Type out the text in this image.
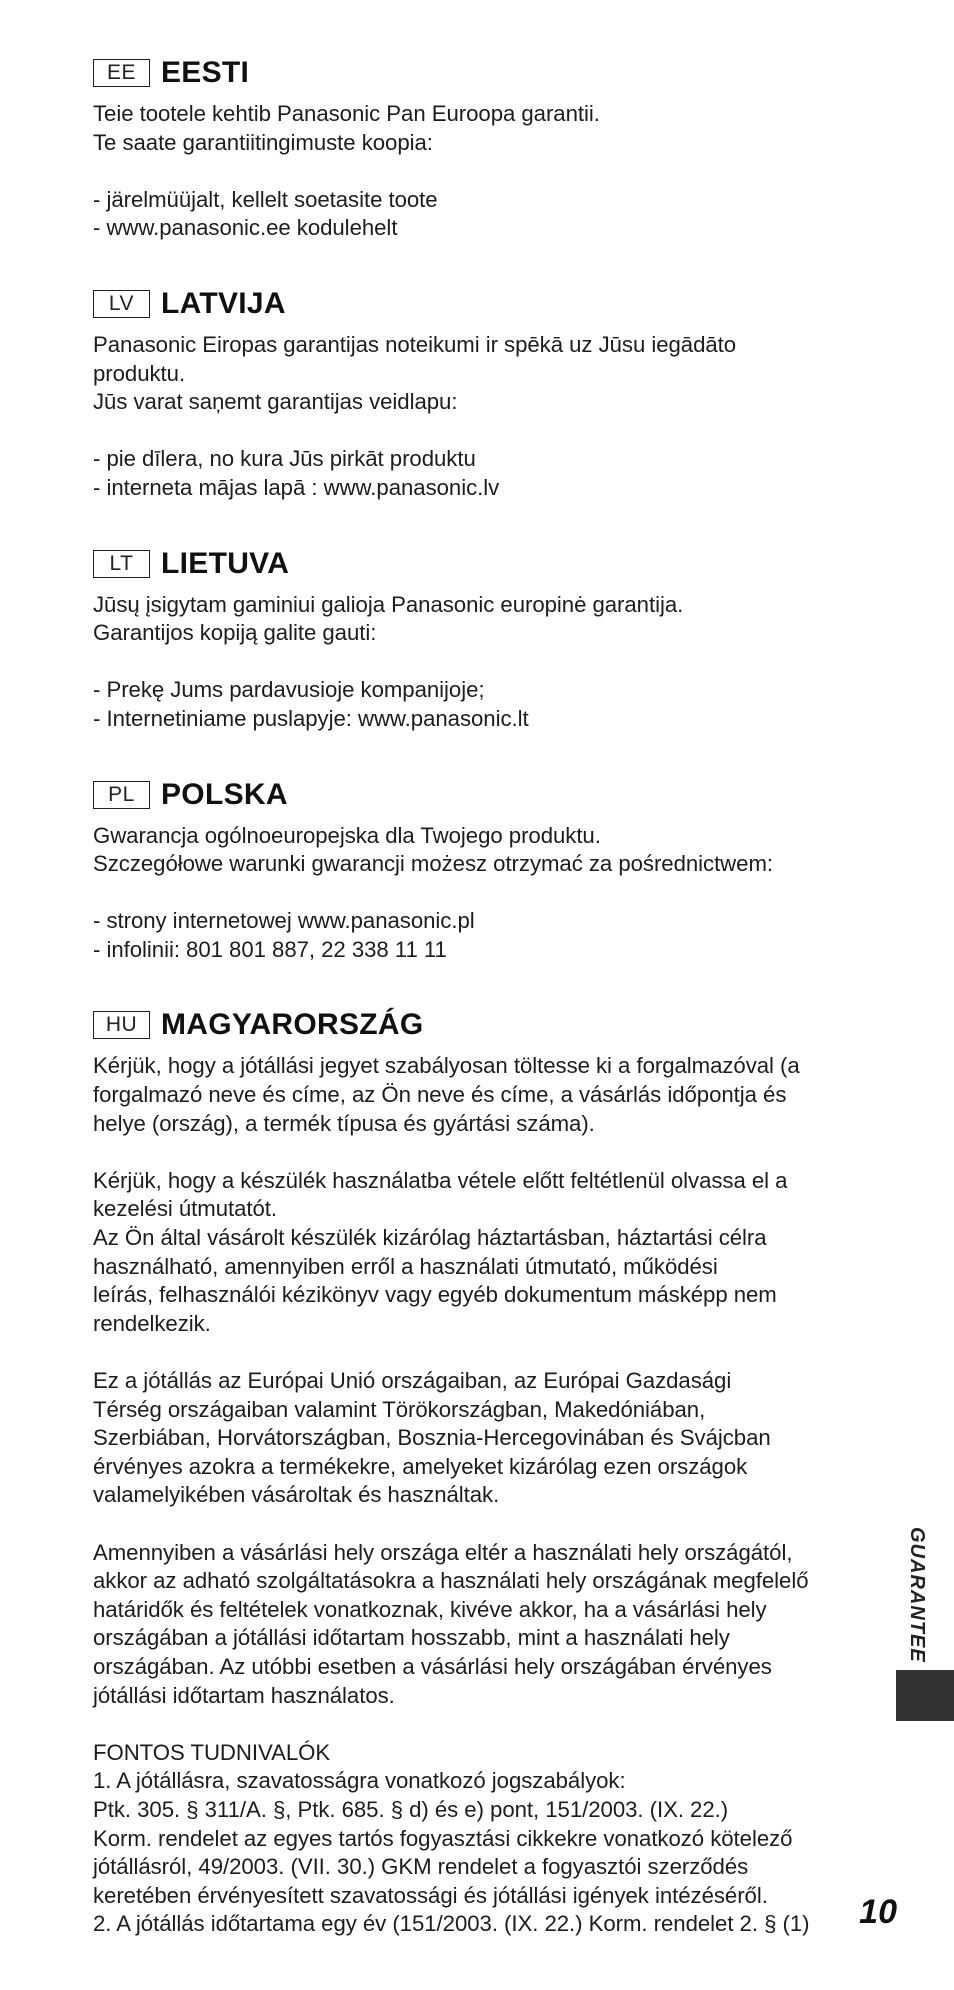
EE EESTI

Teie tootele kehtib Panasonic Pan Euroopa garantii.
Te saate garantiitingimuste koopia:

- järelmüüjalt, kellelt soetasite toote
- www.panasonic.ee kodulehelt

LV LATVIJA

Panasonic Eiropas garantijas noteikumi ir spēkā uz Jūsu iegādāto
produktu.
Jūs varat saņemt garantijas veidlapu:

- pie dīlera, no kura Jūs pirkāt produktu
- interneta mājas lapā : www.panasonic.lv

LT LIETUVA

Jūsų įsigytam gaminiui galioja Panasonic europinė garantija.
Garantijos kopiją galite gauti:

- Prekę Jums pardavusioje kompanijoje;
- Internetiniame puslapyje: www.panasonic.lt

PL POLSKA

Gwarancja ogólnoeuropejska dla Twojego produktu.
Szczegółowe warunki gwarancji możesz otrzymać za pośrednictwem:

- strony internetowej www.panasonic.pl
- infolinii: 801 801 887, 22 338 11 11

HU MAGYARORSZÁG

Kérjük, hogy a jótállási jegyet szabályosan töltesse ki a forgalmazóval (a
forgalmazó neve és címe, az Ön neve és címe, a vásárlás időpontja és
helye (ország), a termék típusa és gyártási száma).

Kérjük, hogy a készülék használatba vétele előtt feltétlenül olvassa el a
kezelési útmutatót.
Az Ön által vásárolt készülék kizárólag háztartásban, háztartási célra
használható, amennyiben erről a használati útmutató, működési
leírás, felhasználói kézikönyv vagy egyéb dokumentum másképp nem
rendelkezik.

Ez a jótállás az Európai Unió országaiban, az Európai Gazdasági
Térség országaiban valamint Törökországban, Makedóniában,
Szerbiában, Horvátországban, Bosznia-Hercegovinában és Svájcban
érvényes azokra a termékekre, amelyeket kizárólag ezen országok
valamelyikében vásároltak és használtak.

Amennyiben a vásárlási hely országa eltér a használati hely országától,
akkor az adható szolgáltatásokra a használati hely országának megfelelő
határidők és feltételek vonatkoznak, kivéve akkor, ha a vásárlási hely
országában a jótállási időtartam hosszabb, mint a használati hely
országában. Az utóbbi esetben a vásárlási hely országában érvényes
jótállási időtartam használatos.

FONTOS TUDNIVALÓK
1. A jótállásra, szavatosságra vonatkozó jogszabályok:
Ptk. 305. § 311/A. §, Ptk. 685. § d) és e) pont, 151/2003. (IX. 22.)
Korm. rendelet az egyes tartós fogyasztási cikkekre vonatkozó kötelező
jótállásról, 49/2003. (VII. 30.) GKM rendelet a fogyasztói szerződés
keretében érvényesített szavatossági és jótállási igények intézéséről.
2. A jótállás időtartama egy év (151/2003. (IX. 22.) Korm. rendelet 2. § (1)

GUARANTEE
10
